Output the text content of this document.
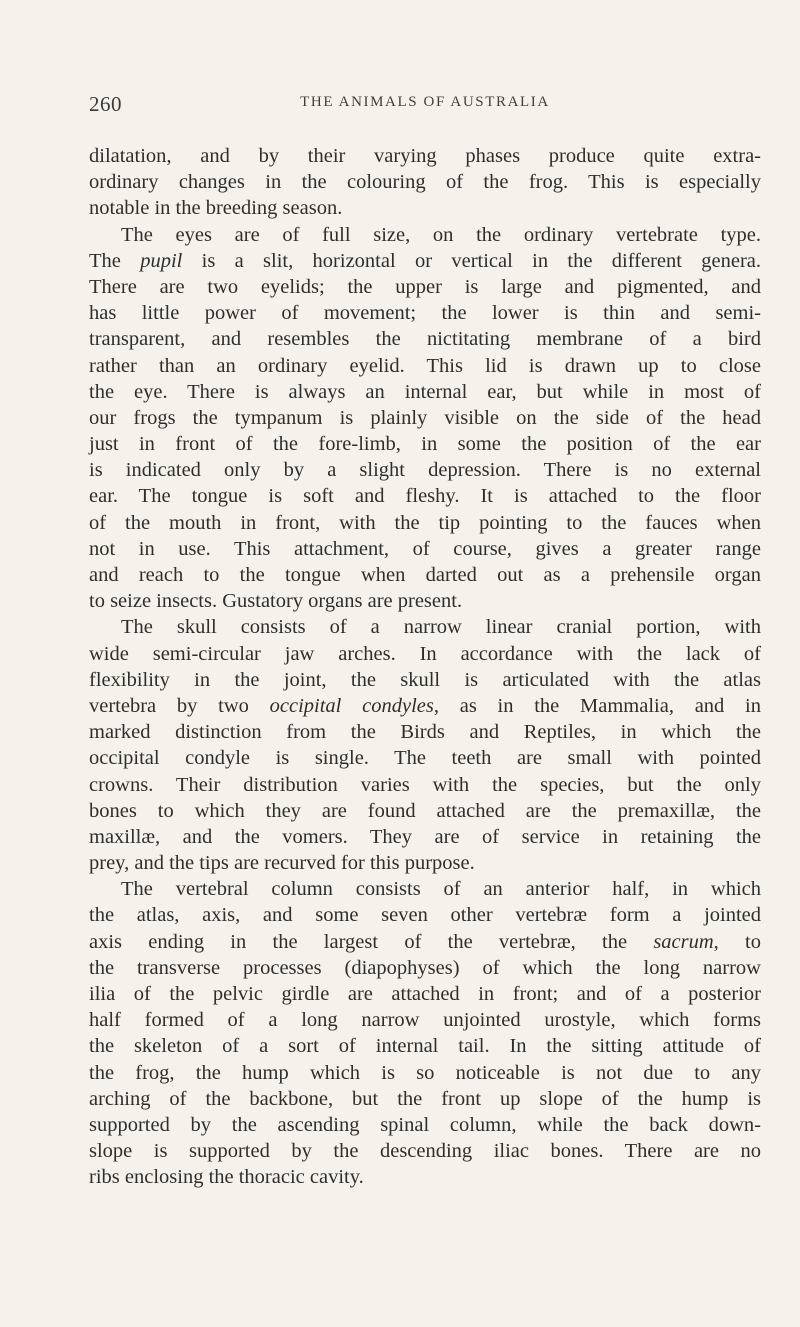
260	THE ANIMALS OF AUSTRALIA
dilatation, and by their varying phases produce quite extra-
ordinary changes in the colouring of the frog. This is especially
notable in the breeding season.
The eyes are of full size, on the ordinary vertebrate type.
The pupil is a slit, horizontal or vertical in the different genera.
There are two eyelids; the upper is large and pigmented, and
has little power of movement; the lower is thin and semi-
transparent, and resembles the nictitating membrane of a bird
rather than an ordinary eyelid. This lid is drawn up to close
the eye. There is always an internal ear, but while in most of
our frogs the tympanum is plainly visible on the side of the head
just in front of the fore-limb, in some the position of the ear
is indicated only by a slight depression. There is no external
ear. The tongue is soft and fleshy. It is attached to the floor
of the mouth in front, with the tip pointing to the fauces when
not in use. This attachment, of course, gives a greater range
and reach to the tongue when darted out as a prehensile organ
to seize insects. Gustatory organs are present.
The skull consists of a narrow linear cranial portion, with
wide semi-circular jaw arches. In accordance with the lack of
flexibility in the joint, the skull is articulated with the atlas
vertebra by two occipital condyles, as in the Mammalia, and in
marked distinction from the Birds and Reptiles, in which the
occipital condyle is single. The teeth are small with pointed
crowns. Their distribution varies with the species, but the only
bones to which they are found attached are the premaxillæ, the
maxillæ, and the vomers. They are of service in retaining the
prey, and the tips are recurved for this purpose.
The vertebral column consists of an anterior half, in which
the atlas, axis, and some seven other vertebræ form a jointed
axis ending in the largest of the vertebræ, the sacrum, to
the transverse processes (diapophyses) of which the long narrow
ilia of the pelvic girdle are attached in front; and of a posterior
half formed of a long narrow unjointed urostyle, which forms
the skeleton of a sort of internal tail. In the sitting attitude of
the frog, the hump which is so noticeable is not due to any
arching of the backbone, but the front up slope of the hump is
supported by the ascending spinal column, while the back down-
slope is supported by the descending iliac bones. There are no
ribs enclosing the thoracic cavity.
